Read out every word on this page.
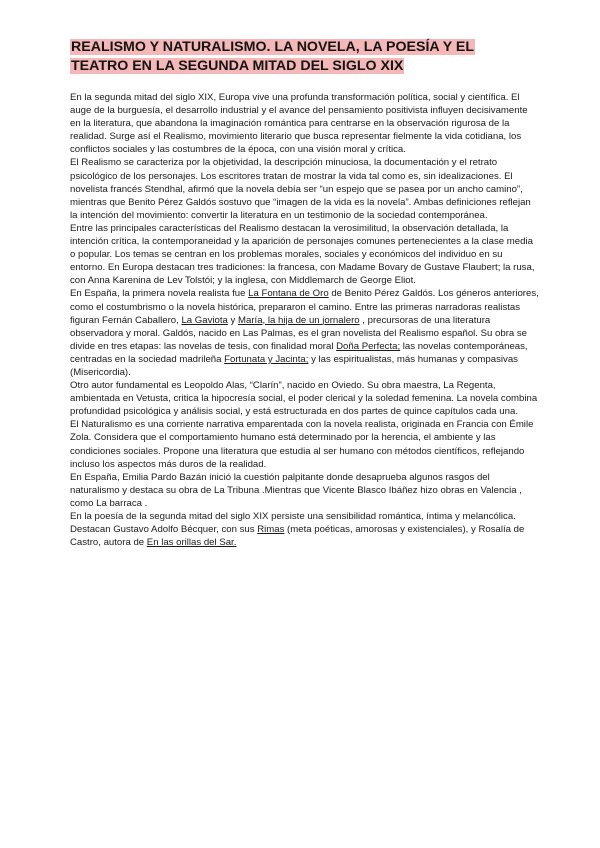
REALISMO Y NATURALISMO. LA NOVELA, LA POESÍA Y EL
TEATRO EN LA SEGUNDA MITAD DEL SIGLO XIX

En la segunda mitad del siglo XIX, Europa vive una profunda transformación política, social y científica. El auge de la burguesía, el desarrollo industrial y el avance del pensamiento positivista influyen decisivamente en la literatura, que abandona la imaginación romántica para centrarse en la observación rigurosa de la realidad. Surge así el Realismo, movimiento literario que busca representar fielmente la vida cotidiana, los conflictos sociales y las costumbres de la época, con una visión moral y crítica.

El Realismo se caracteriza por la objetividad, la descripción minuciosa, la documentación y el retrato psicológico de los personajes. Los escritores tratan de mostrar la vida tal como es, sin idealizaciones. El novelista francés Stendhal, afirmó que la novela debía ser “un espejo que se pasea por un ancho camino”, mientras que Benito Pérez Galdós sostuvo que “imagen de la vida es la novela”. Ambas definiciones reflejan la intención del movimiento: convertir la literatura en un testimonio de la sociedad contemporánea.

Entre las principales características del Realismo destacan la verosimilitud, la observación detallada, la intención crítica, la contemporaneidad y la aparición de personajes comunes pertenecientes a la clase media o popular. Los temas se centran en los problemas morales, sociales y económicos del individuo en su entorno. En Europa destacan tres tradiciones: la francesa, con Madame Bovary de Gustave Flaubert; la rusa, con Anna Karenina de Lev Tolstói; y la inglesa, con Middlemarch de George Eliot.

En España, la primera novela realista fue La Fontana de Oro de Benito Pérez Galdós. Los géneros anteriores, como el costumbrismo o la novela histórica, prepararon el camino. Entre las primeras narradoras realistas figuran Fernán Caballero, La Gaviota y María, la hija de un jornalero , precursoras de una literatura observadora y moral. Galdós, nacido en Las Palmas, es el gran novelista del Realismo español. Su obra se divide en tres etapas: las novelas de tesis, con finalidad moral Doña Perfecta; las novelas contemporáneas, centradas en la sociedad madrileña Fortunata y Jacinta; y las espiritualistas, más humanas y compasivas (Misericordia).

Otro autor fundamental es Leopoldo Alas, “Clarín”, nacido en Oviedo. Su obra maestra, La Regenta, ambientada en Vetusta, critica la hipocresía social, el poder clerical y la soledad femenina. La novela combina profundidad psicológica y análisis social, y está estructurada en dos partes de quince capítulos cada una.

El Naturalismo es una corriente narrativa emparentada con la novela realista, originada en Francia con Émile Zola. Considera que el comportamiento humano está determinado por la herencia, el ambiente y las condiciones sociales. Propone una literatura que estudia al ser humano con métodos científicos, reflejando incluso los aspectos más duros de la realidad.

En España, Emilia Pardo Bazán inició la cuestión palpitante donde desaprueba algunos rasgos del naturalismo y destaca su obra de La Tribuna .Mientras que Vicente Blasco Ibáñez hizo obras en Valencia , como La barraca .

En la poesía de la segunda mitad del siglo XIX persiste una sensibilidad romántica, íntima y melancólica. Destacan Gustavo Adolfo Bécquer, con sus Rimas (meta poéticas, amorosas y existenciales), y Rosalía de Castro, autora de En las orillas del Sar.
